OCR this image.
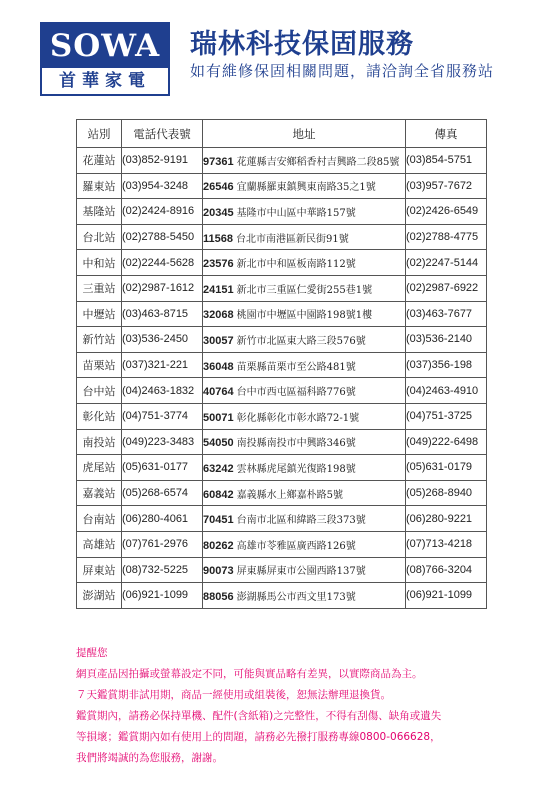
SOWA
首華家電
瑞林科技保固服務
如有維修保固相關問題，請洽詢全省服務站
站別	電話代表號	地址	傳真
花蓮站	(03)852-9191	97361 花蓮縣吉安鄉稻香村吉興路二段85號	(03)854-5751
羅東站	(03)954-3248	26546 宜蘭縣羅東鎮興東南路35之1號	(03)957-7672
基隆站	(02)2424-8916	20345 基隆市中山區中華路157號	(02)2426-6549
台北站	(02)2788-5450	11568 台北市南港區新民街91號	(02)2788-4775
中和站	(02)2244-5628	23576 新北市中和區板南路112號	(02)2247-5144
三重站	(02)2987-1612	24151 新北市三重區仁愛街255巷1號	(02)2987-6922
中壢站	(03)463-8715	32068 桃園市中壢區中園路198號1樓	(03)463-7677
新竹站	(03)536-2450	30057 新竹市北區東大路三段576號	(03)536-2140
苗栗站	(037)321-221	36048 苗栗縣苗栗市至公路481號	(037)356-198
台中站	(04)2463-1832	40764 台中市西屯區福科路776號	(04)2463-4910
彰化站	(04)751-3774	50071 彰化縣彰化市彰水路72-1號	(04)751-3725
南投站	(049)223-3483	54050 南投縣南投市中興路346號	(049)222-6498
虎尾站	(05)631-0177	63242 雲林縣虎尾鎮光復路198號	(05)631-0179
嘉義站	(05)268-6574	60842 嘉義縣水上鄉嘉朴路5號	(05)268-8940
台南站	(06)280-4061	70451 台南市北區和緯路三段373號	(06)280-9221
高雄站	(07)761-2976	80262 高雄市苓雅區廣西路126號	(07)713-4218
屏東站	(08)732-5225	90073 屏東縣屏東市公園西路137號	(08)766-3204
澎湖站	(06)921-1099	88056 澎湖縣馬公市西文里173號	(06)921-1099
提醒您
網頁產品因拍攝或螢幕設定不同，可能與實品略有差異，以實際商品為主。
７天鑑賞期非試用期，商品一經使用或組裝後，恕無法辦理退換貨。
鑑賞期內，請務必保持單機、配件(含紙箱)之完整性，不得有刮傷、缺角或遺失
等損壞；鑑賞期內如有使用上的問題，請務必先撥打服務專線0800-066628，
我們將竭誠的為您服務，謝謝。
